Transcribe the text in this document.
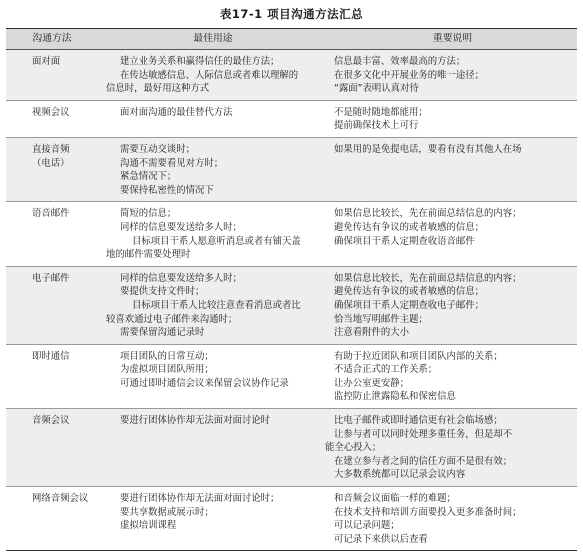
表17-1 项目沟通方法汇总
沟通方法	最佳用途	重要说明

面对面	建立业务关系和赢得信任的最佳方法；
在传达敏感信息、人际信息或者难以理解的
信息时，最好用这种方式	信息最丰富、效率最高的方法；
在很多文化中开展业务的唯一途径；
“露面”表明认真对待

视频会议	面对面沟通的最佳替代方法	不是随时随地都能用；
提前确保技术上可行

直接音频
（电话）	需要互动交谈时；
沟通不需要看见对方时；
紧急情况下；
要保持私密性的情况下	如果用的是免提电话，要看有没有其他人在场

语音邮件	简短的信息；
同样的信息要发送给多人时；
目标项目干系人愿意听消息或者有铺天盖
地的邮件需要处理时	如果信息比较长，先在前面总结信息的内容；
避免传达有争议的或者敏感的信息；
确保项目干系人定期查收语音邮件

电子邮件	同样的信息要发送给多人时；
要提供支持文件时；
目标项目干系人比较注意查看消息或者比
较喜欢通过电子邮件来沟通时；
需要保留沟通记录时	如果信息比较长，先在前面总结信息的内容；
避免传达有争议的或者敏感的信息；
确保项目干系人定期查收电子邮件；
恰当地写明邮件主题；
注意看附件的大小

即时通信	项目团队的日常互动；
为虚拟项目团队所用；
可通过即时通信会议来保留会议协作记录	有助于拉近团队和项目团队内部的关系；
不适合正式的工作关系；
让办公室更安静；
监控防止泄露隐私和保密信息

音频会议	要进行团体协作却无法面对面讨论时	比电子邮件或即时通信更有社会临场感；
让参与者可以同时处理多重任务，但是却不
能全心投入；
在建立参与者之间的信任方面不是很有效；
大多数系统都可以记录会议内容

网络音频会议	要进行团体协作却无法面对面讨论时；
要共享数据或展示时；
虚拟培训课程	和音频会议面临一样的难题；
在技术支持和培训方面要投入更多准备时间；
可以记录问题；
可记录下来供以后查看
